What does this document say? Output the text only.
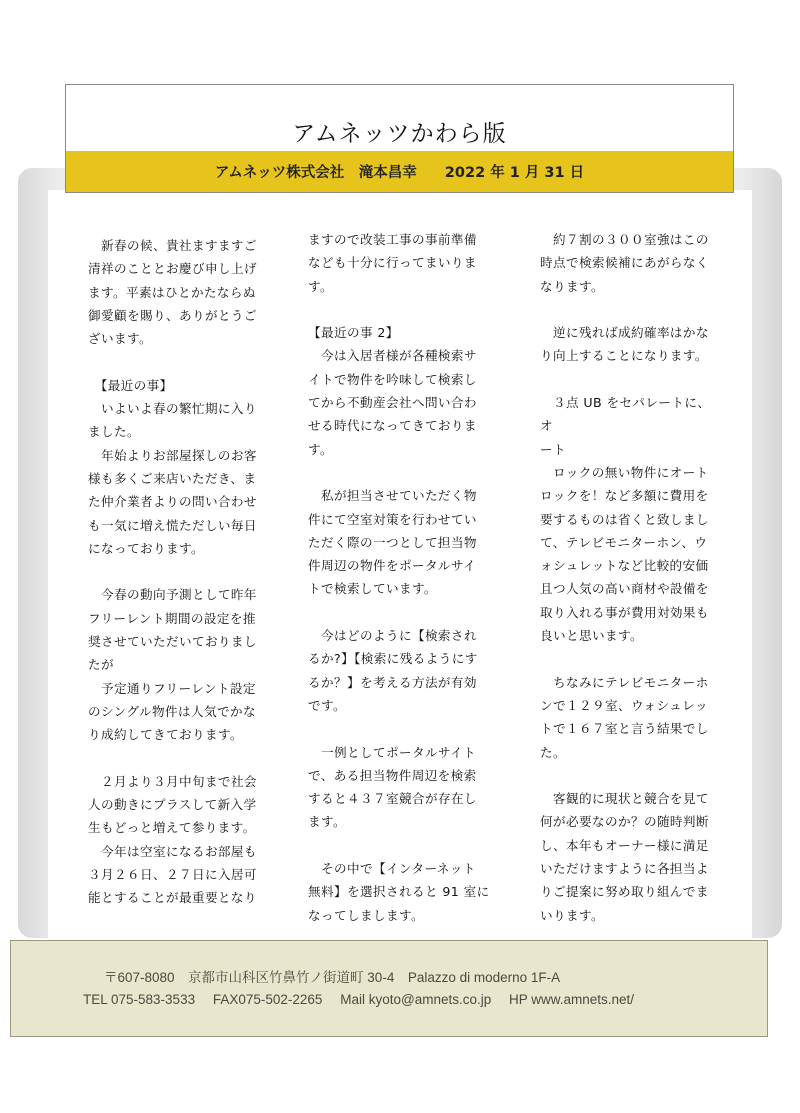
アムネッツかわら版
アムネッツ株式会社　滝本昌幸 2022 年 1 月 31 日

　新春の候、貴社ますますご

清祥のこととお慶び申し上げ

ます。平素はひとかたならぬ

御愛顧を賜り、ありがとうご

ざいます。

　【最近の事】

　いよいよ春の繁忙期に入り

ました。

　年始よりお部屋探しのお客

様も多くご来店いただき、ま

た仲介業者よりの問い合わせ

も一気に増え慌ただしい毎日

になっております。

　今春の動向予測として昨年

フリーレント期間の設定を推

奨させていただいておりまし

たが

　予定通りフリーレント設定

のシングル物件は人気でかな

り成約してきております。

　２月より３月中旬まで社会

人の動きにプラスして新入学

生もどっと増えて参ります。

　今年は空室になるお部屋も

３月２６日、２７日に入居可

能とすることが最重要となり

ますので改装工事の事前準備

なども十分に行ってまいりま

す。

【最近の事 2】

　今は入居者様が各種検索サ

イトで物件を吟味して検索し

てから不動産会社へ問い合わ

せる時代になってきておりま

す。

　私が担当させていただく物

件にて空室対策を行わせてい

ただく際の一つとして担当物

件周辺の物件をポータルサイ

トで検索しています。

　今はどのように【検索され

るか?】【検索に残るようにす

るか？】を考える方法が有効

です。

　一例としてポータルサイト

で、ある担当物件周辺を検索

すると４３７室競合が存在し

ます。

　その中で【インターネット

無料】を選択されると 91 室に

なってしまします。

　約７割の３００室強はこの

時点で検索候補にあがらなく

なります。

　逆に残れば成約確率はかな

り向上することになります。

　３点 UB をセパレートに、オ

ート

　ロックの無い物件にオート

ロックを！など多額に費用を

要するものは省くと致しまし

て、テレビモニターホン、ウ

ォシュレットなど比較的安価

且つ人気の高い商材や設備を

取り入れる事が費用対効果も

良いと思います。

　ちなみにテレビモニターホ

ンで１２９室、ウォシュレッ

トで１６７室と言う結果でし

た。

　客観的に現状と競合を見て

何が必要なのか？の随時判断

し、本年もオーナー様に満足

いただけますように各担当よ

りご提案に努め取り組んでま

いります。

〒607-8080　京都市山科区竹鼻竹ノ街道町 30-4　Palazzo di moderno 1F-A
TEL 075-583-3533 FAX075-502-2265 Mail kyoto@amnets.co.jp HP www.amnets.net/
